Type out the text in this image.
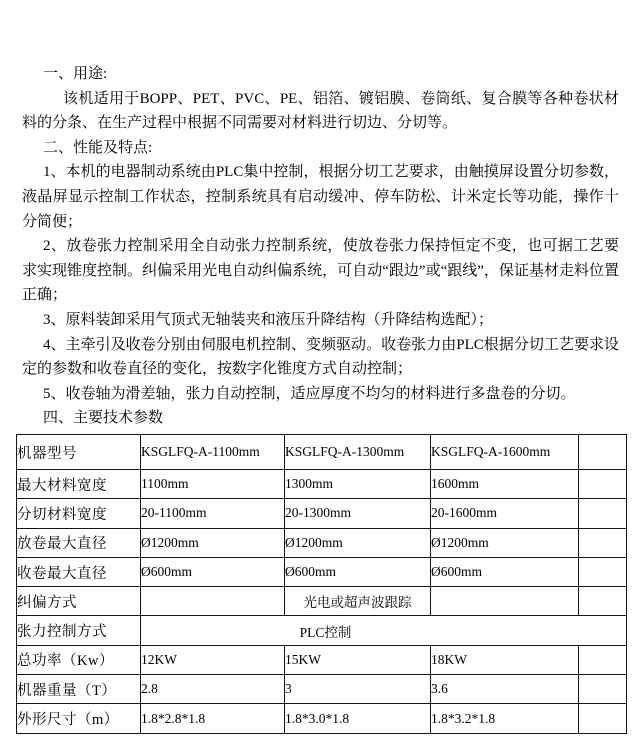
一、用途:

该机适用于BOPP、PET、PVC、PE、铝箔、镀铝膜、卷筒纸、复合膜等各种卷状材料的分条、在生产过程中根据不同需要对材料进行切边、分切等。

二、性能及特点:

1、本机的电器制动系统由PLC集中控制，根据分切工艺要求，由触摸屏设置分切参数，液晶屏显示控制工作状态，控制系统具有启动缓冲、停车防松、计米定长等功能，操作十分简便；

2、放卷张力控制采用全自动张力控制系统，使放卷张力保持恒定不变，也可据工艺要求实现锥度控制。纠偏采用光电自动纠偏系统，可自动“跟边”或“跟线”，保证基材走料位置正确；

3、原料装卸采用气顶式无轴装夹和液压升降结构（升降结构选配）；

4、主牵引及收卷分别由伺服电机控制、变频驱动。收卷张力由PLC根据分切工艺要求设定的参数和收卷直径的变化，按数字化锥度方式自动控制；

5、收卷轴为滑差轴，张力自动控制，适应厚度不均匀的材料进行多盘卷的分切。

四、主要技术参数

机器型号	KSGLFQ-A-1100mm	KSGLFQ-A-1300mm	KSGLFQ-A-1600mm	
最大材料宽度	1100mm	1300mm	1600mm	
分切材料宽度	20-1100mm	20-1300mm	20-1600mm	
放卷最大直径	Ø1200mm	Ø1200mm	Ø1200mm	
收卷最大直径	Ø600mm	Ø600mm	Ø600mm	
纠偏方式		光电或超声波跟踪		
张力控制方式	PLC控制			
总功率（Kw）	12KW	15KW	18KW	
机器重量（T）	2.8	3	3.6	
外形尺寸（m）	1.8*2.8*1.8	1.8*3.0*1.8	1.8*3.2*1.8	
